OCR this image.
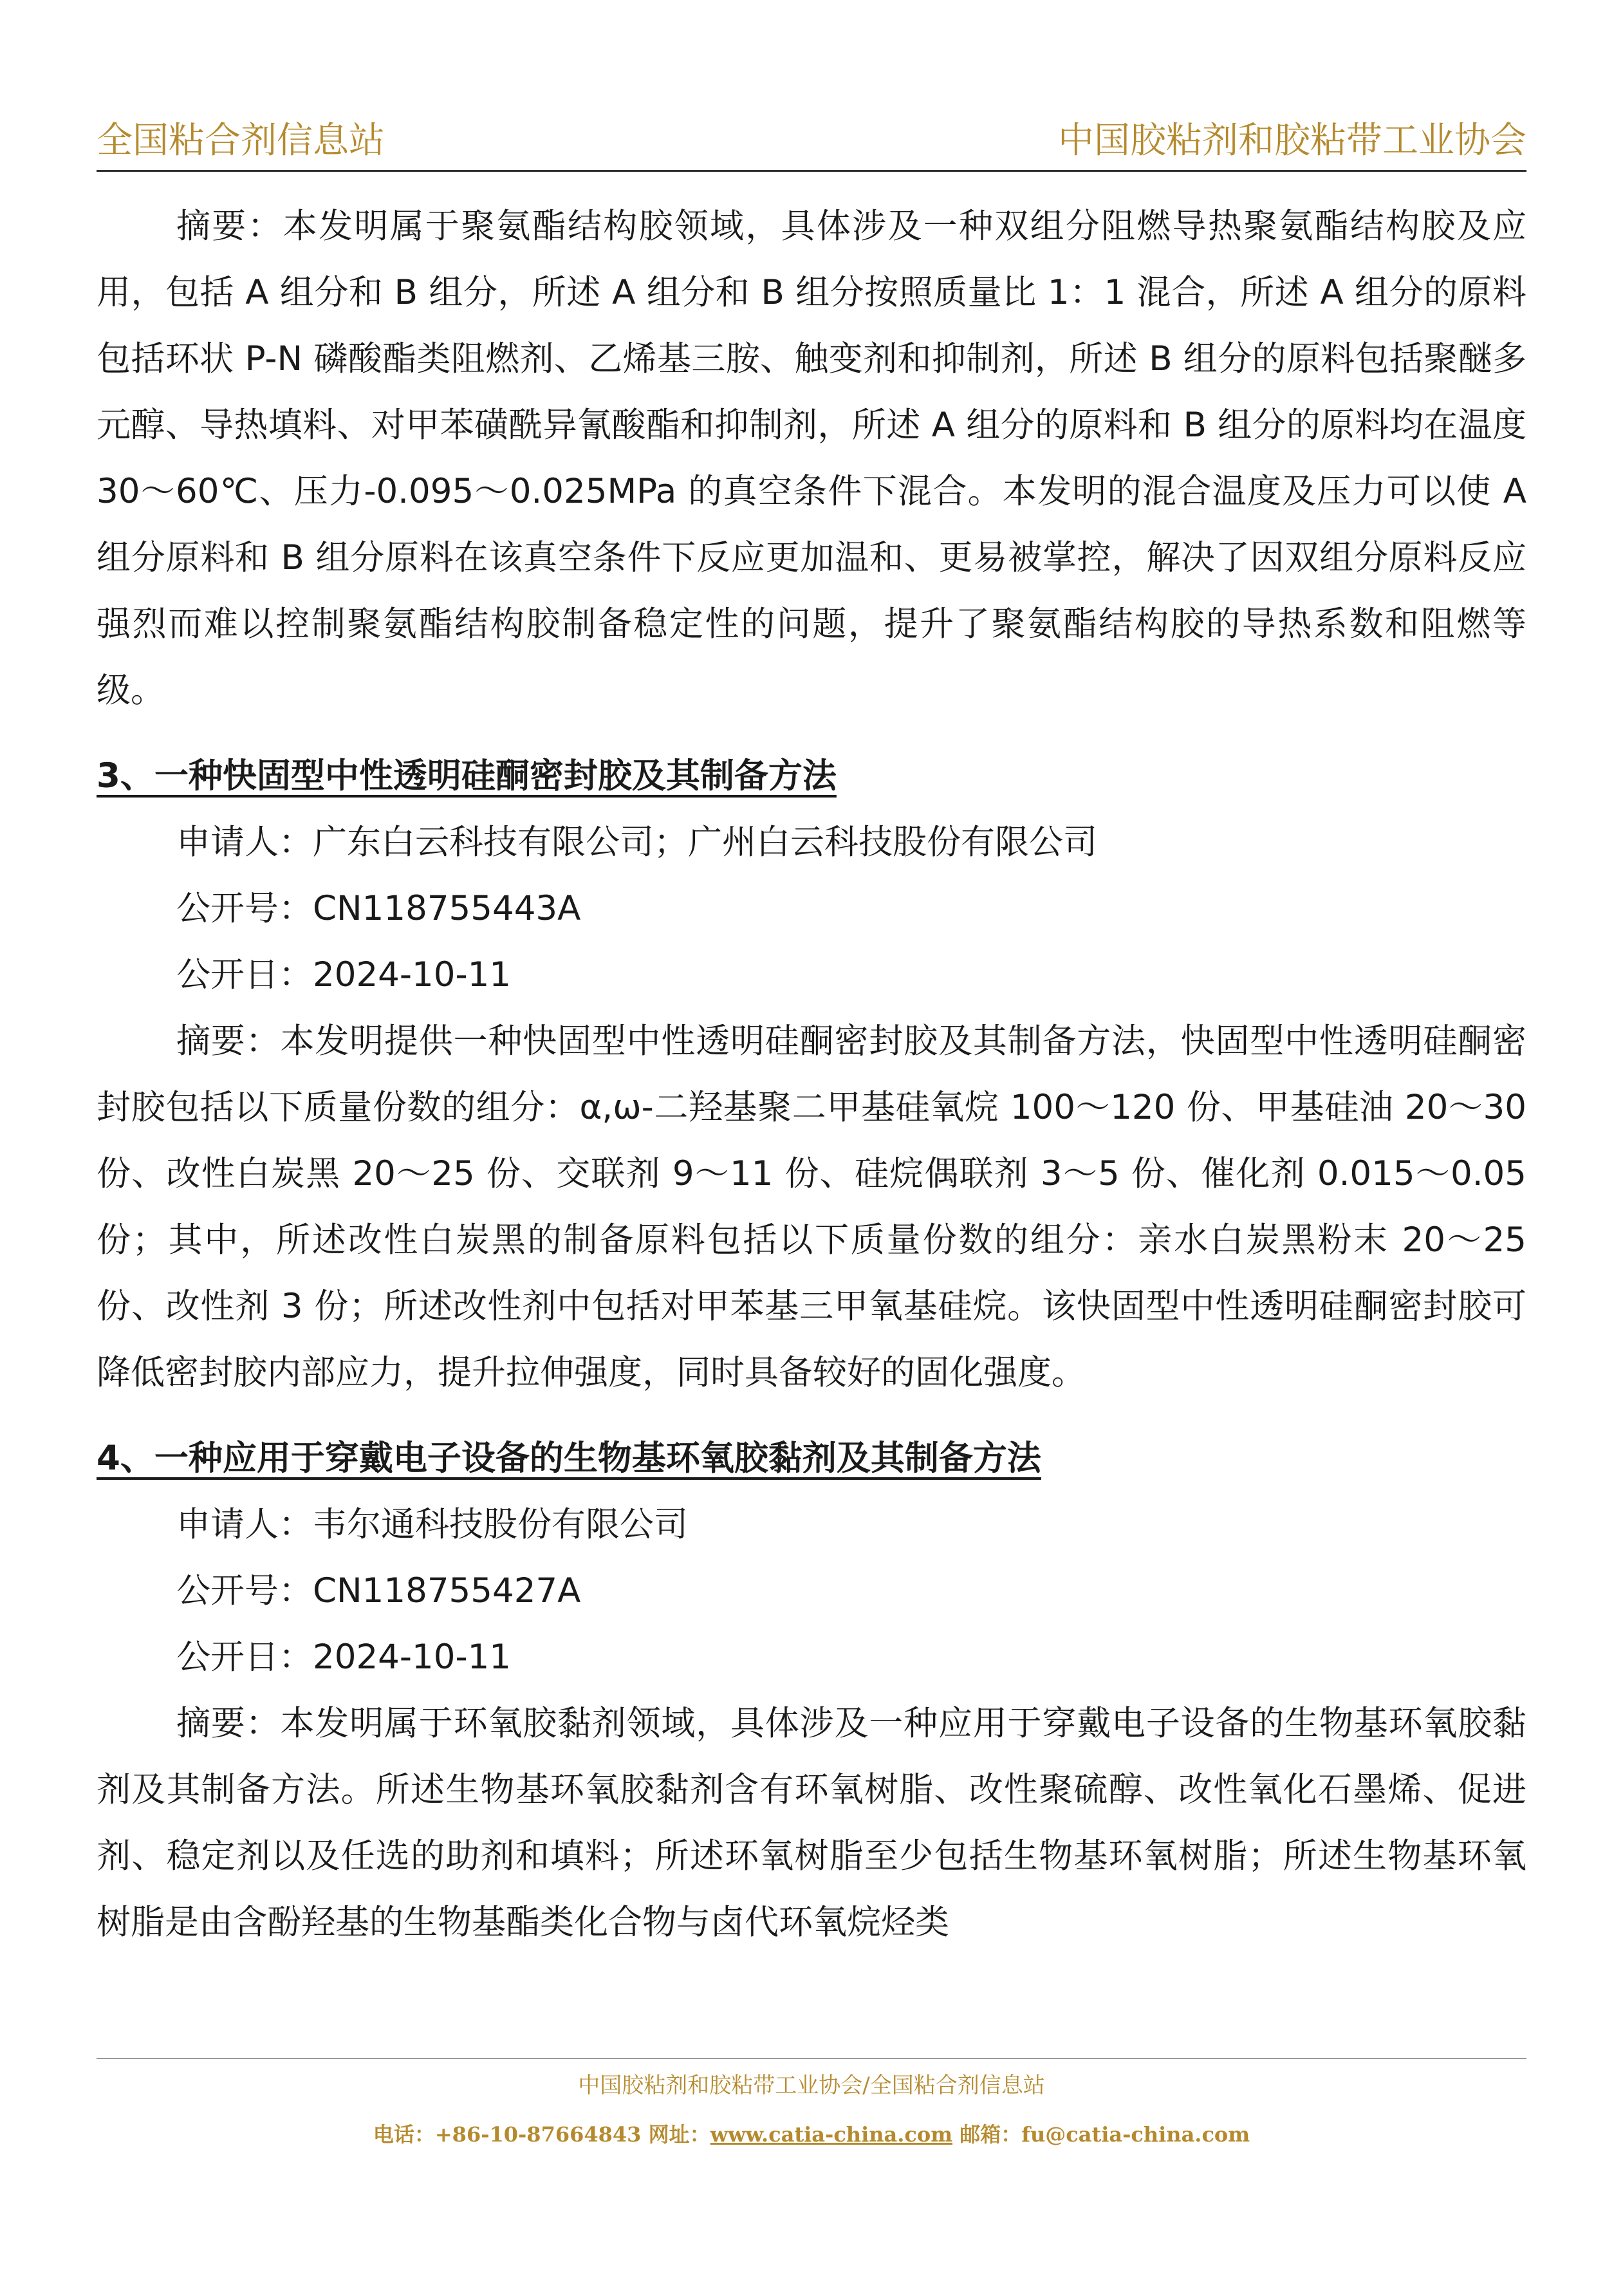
全国粘合剂信息站	中国胶粘剂和胶粘带工业协会

摘要：本发明属于聚氨酯结构胶领域，具体涉及一种双组分阻燃导热聚氨酯结构胶及应用，包括 A 组分和 B 组分，所述 A 组分和 B 组分按照质量比 1：1 混合，所述 A 组分的原料包括环状 P-N 磷酸酯类阻燃剂、乙烯基三胺、触变剂和抑制剂，所述 B 组分的原料包括聚醚多元醇、导热填料、对甲苯磺酰异氰酸酯和抑制剂，所述 A 组分的原料和 B 组分的原料均在温度 30～60℃、压力-0.095～0.025MPa 的真空条件下混合。本发明的混合温度及压力可以使 A 组分原料和 B 组分原料在该真空条件下反应更加温和、更易被掌控，解决了因双组分原料反应强烈而难以控制聚氨酯结构胶制备稳定性的问题，提升了聚氨酯结构胶的导热系数和阻燃等级。

3、一种快固型中性透明硅酮密封胶及其制备方法

申请人：广东白云科技有限公司；广州白云科技股份有限公司

公开号：CN118755443A

公开日：2024-10-11

摘要：本发明提供一种快固型中性透明硅酮密封胶及其制备方法，快固型中性透明硅酮密封胶包括以下质量份数的组分：α,ω-二羟基聚二甲基硅氧烷 100～120 份、甲基硅油 20～30 份、改性白炭黑 20～25 份、交联剂 9～11 份、硅烷偶联剂 3～5 份、催化剂 0.015～0.05 份；其中，所述改性白炭黑的制备原料包括以下质量份数的组分：亲水白炭黑粉末 20～25 份、改性剂 3 份；所述改性剂中包括对甲苯基三甲氧基硅烷。该快固型中性透明硅酮密封胶可降低密封胶内部应力，提升拉伸强度，同时具备较好的固化强度。

4、一种应用于穿戴电子设备的生物基环氧胶黏剂及其制备方法

申请人：韦尔通科技股份有限公司

公开号：CN118755427A

公开日：2024-10-11

摘要：本发明属于环氧胶黏剂领域，具体涉及一种应用于穿戴电子设备的生物基环氧胶黏剂及其制备方法。所述生物基环氧胶黏剂含有环氧树脂、改性聚硫醇、改性氧化石墨烯、促进剂、稳定剂以及任选的助剂和填料；所述环氧树脂至少包括生物基环氧树脂；所述生物基环氧树脂是由含酚羟基的生物基酯类化合物与卤代环氧烷烃类

中国胶粘剂和胶粘带工业协会/全国粘合剂信息站
电话：+86-10-87664843 网址：www.catia-china.com 邮箱：fu@catia-china.com
